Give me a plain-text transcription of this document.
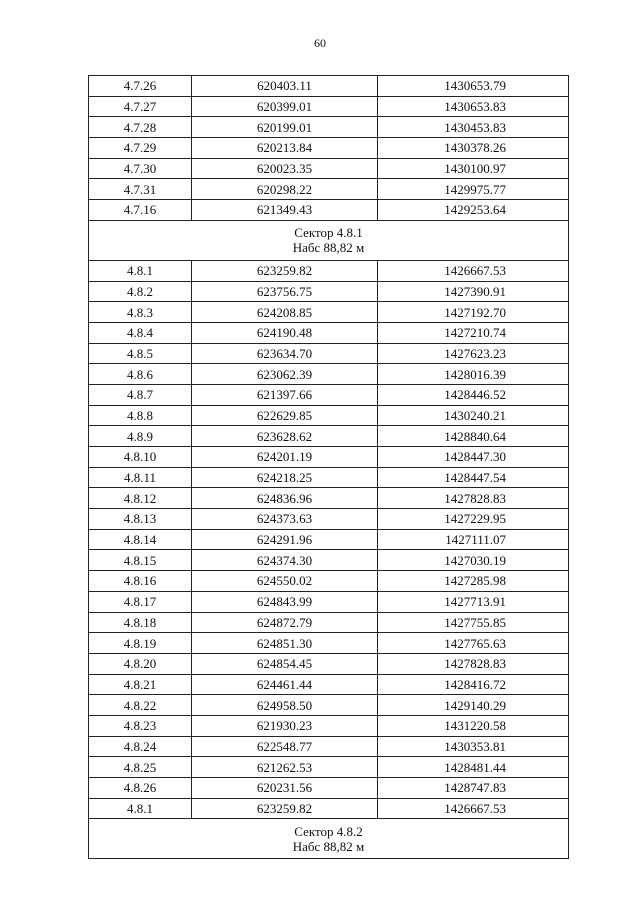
60
4.7.26	620403.11	1430653.79
4.7.27	620399.01	1430653.83
4.7.28	620199.01	1430453.83
4.7.29	620213.84	1430378.26
4.7.30	620023.35	1430100.97
4.7.31	620298.22	1429975.77
4.7.16	621349.43	1429253.64

Сектор 4.8.1
Набс 88,82 м		

4.8.1	623259.82	1426667.53
4.8.2	623756.75	1427390.91
4.8.3	624208.85	1427192.70
4.8.4	624190.48	1427210.74
4.8.5	623634.70	1427623.23
4.8.6	623062.39	1428016.39
4.8.7	621397.66	1428446.52
4.8.8	622629.85	1430240.21
4.8.9	623628.62	1428840.64
4.8.10	624201.19	1428447.30
4.8.11	624218.25	1428447.54
4.8.12	624836.96	1427828.83
4.8.13	624373.63	1427229.95
4.8.14	624291.96	1427111.07
4.8.15	624374.30	1427030.19
4.8.16	624550.02	1427285.98
4.8.17	624843.99	1427713.91
4.8.18	624872.79	1427755.85
4.8.19	624851.30	1427765.63
4.8.20	624854.45	1427828.83
4.8.21	624461.44	1428416.72
4.8.22	624958.50	1429140.29
4.8.23	621930.23	1431220.58
4.8.24	622548.77	1430353.81
4.8.25	621262.53	1428481.44
4.8.26	620231.56	1428747.83
4.8.1	623259.82	1426667.53

Сектор 4.8.2
Набс 88,82 м		
